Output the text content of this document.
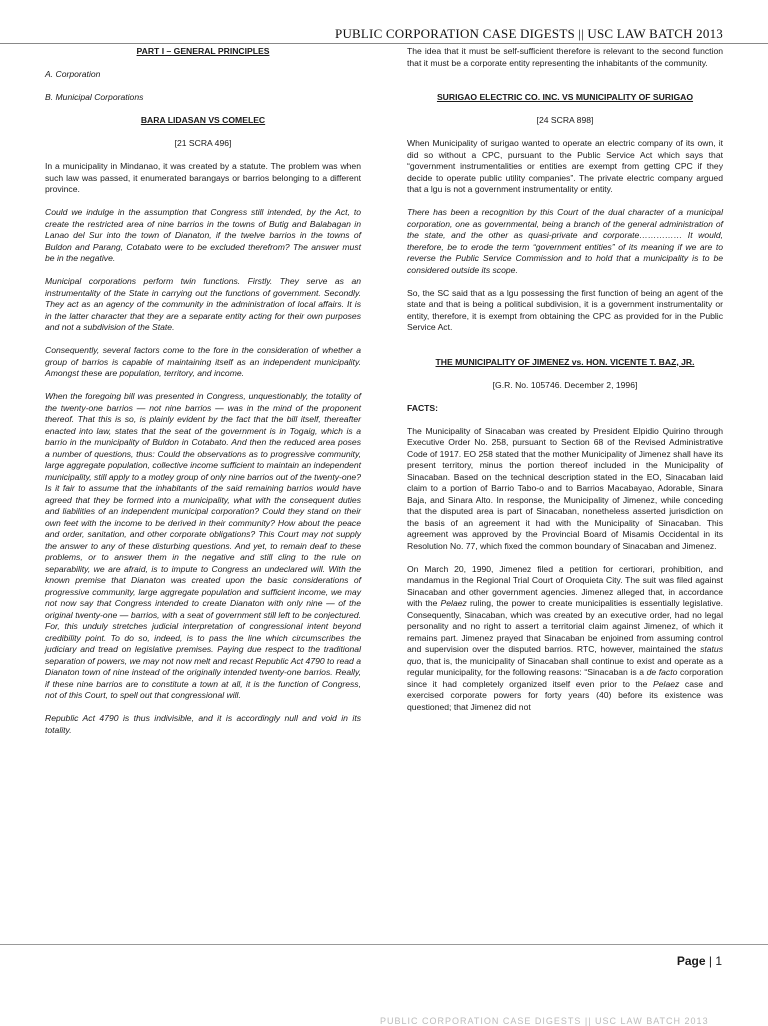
PUBLIC CORPORATION CASE DIGESTS || USC LAW BATCH 2013

PART I – GENERAL PRINCIPLES

A. Corporation

B. Municipal Corporations

BARA LIDASAN VS COMELEC

[21 SCRA 496]

In a municipality in Mindanao, it was created by a statute. The problem was when such law was passed, it enumerated barangays or barrios belonging to a different province.

Could we indulge in the assumption that Congress still intended, by the Act, to create the restricted area of nine barrios in the towns of Butig and Balabagan in Lanao del Sur into the town of Dianaton, if the twelve barrios in the towns of Buldon and Parang, Cotabato were to be excluded therefrom? The answer must be in the negative.

Municipal corporations perform twin functions. Firstly. They serve as an instrumentality of the State in carrying out the functions of government. Secondly. They act as an agency of the community in the administration of local affairs. It is in the latter character that they are a separate entity acting for their own purposes and not a subdivision of the State.

Consequently, several factors come to the fore in the consideration of whether a group of barrios is capable of maintaining itself as an independent municipality. Amongst these are population, territory, and income.

When the foregoing bill was presented in Congress, unquestionably, the totality of the twenty-one barrios — not nine barrios — was in the mind of the proponent thereof. That this is so, is plainly evident by the fact that the bill itself, thereafter enacted into law, states that the seat of the government is in Togaig, which is a barrio in the municipality of Buldon in Cotabato. And then the reduced area poses a number of questions, thus: Could the observations as to progressive community, large aggregate population, collective income sufficient to maintain an independent municipality, still apply to a motley group of only nine barrios out of the twenty-one? Is it fair to assume that the inhabitants of the said remaining barrios would have agreed that they be formed into a municipality, what with the consequent duties and liabilities of an independent municipal corporation? Could they stand on their own feet with the income to be derived in their community? How about the peace and order, sanitation, and other corporate obligations? This Court may not supply the answer to any of these disturbing questions. And yet, to remain deaf to these problems, or to answer them in the negative and still cling to the rule on separability, we are afraid, is to impute to Congress an undeclared will. With the known premise that Dianaton was created upon the basic considerations of progressive community, large aggregate population and sufficient income, we may not now say that Congress intended to create Dianaton with only nine — of the original twenty-one — barrios, with a seat of government still left to be conjectured. For, this unduly stretches judicial interpretation of congressional intent beyond credibility point. To do so, indeed, is to pass the line which circumscribes the judiciary and tread on legislative premises. Paying due respect to the traditional separation of powers, we may not now melt and recast Republic Act 4790 to read a Dianaton town of nine instead of the originally intended twenty-one barrios. Really, if these nine barrios are to constitute a town at all, it is the function of Congress, not of this Court, to spell out that congressional will.

Republic Act 4790 is thus indivisible, and it is accordingly null and void in its totality.

The idea that it must be self-sufficient therefore is relevant to the second function that it must be a corporate entity representing the inhabitants of the community.

SURIGAO ELECTRIC CO. INC. VS MUNICIPALITY OF SURIGAO

[24 SCRA 898]

When Municipality of surigao wanted to operate an electric company of its own, it did so without a CPC, pursuant to the Public Service Act which says that “government instrumentalities or entities are exempt from getting CPC if they decide to operate public utility companies”. The private electric company argued that a lgu is not a government instrumentality or entity.

There has been a recognition by this Court of the dual character of a municipal corporation, one as governmental, being a branch of the general administration of the state, and the other as quasi-private and corporate…………… It would, therefore, be to erode the term “government entities” of its meaning if we are to reverse the Public Service Commission and to hold that a municipality is to be considered outside its scope.

So, the SC said that as a lgu possessing the first function of being an agent of the state and that is being a political subdivision, it is a government instrumentality or entity, therefore, it is exempt from obtaining the CPC as provided for in the Public Service Act.

THE MUNICIPALITY OF JIMENEZ vs. HON. VICENTE T. BAZ, JR.

[G.R. No. 105746. December 2, 1996]

FACTS:

The Municipality of Sinacaban was created by President Elpidio Quirino through Executive Order No. 258, pursuant to Section 68 of the Revised Administrative Code of 1917. EO 258 stated that the mother Municipality of Jimenez shall have its present territory, minus the portion thereof included in the Municipality of Sinacaban. Based on the technical description stated in the EO, Sinacaban laid claim to a portion of Barrio Tabo-o and to Barrios Macabayao, Adorable, Sinara Baja, and Sinara Alto. In response, the Municipality of Jimenez, while conceding that the disputed area is part of Sinacaban, nonetheless asserted jurisdiction on the basis of an agreement it had with the Municipality of Sinacaban. This agreement was approved by the Provincial Board of Misamis Occidental in its Resolution No. 77, which fixed the common boundary of Sinacaban and Jimenez.

On March 20, 1990, Jimenez filed a petition for certiorari, prohibition, and mandamus in the Regional Trial Court of Oroquieta City. The suit was filed against Sinacaban and other government agencies. Jimenez alleged that, in accordance with the Pelaez ruling, the power to create municipalities is essentially legislative. Consequently, Sinacaban, which was created by an executive order, had no legal personality and no right to assert a territorial claim against Jimenez, of which it remains part. Jimenez prayed that Sinacaban be enjoined from assuming control and supervision over the disputed barrios. RTC, however, maintained the status quo, that is, the municipality of Sinacaban shall continue to exist and operate as a regular municipality, for the following reasons: “Sinacaban is a de facto corporation since it had completely organized itself even prior to the Pelaez case and exercised corporate powers for forty years (40) before its existence was questioned; that Jimenez did not

Page | 1
PUBLIC CORPORATION CASE DIGESTS || USC LAW BATCH 2013
